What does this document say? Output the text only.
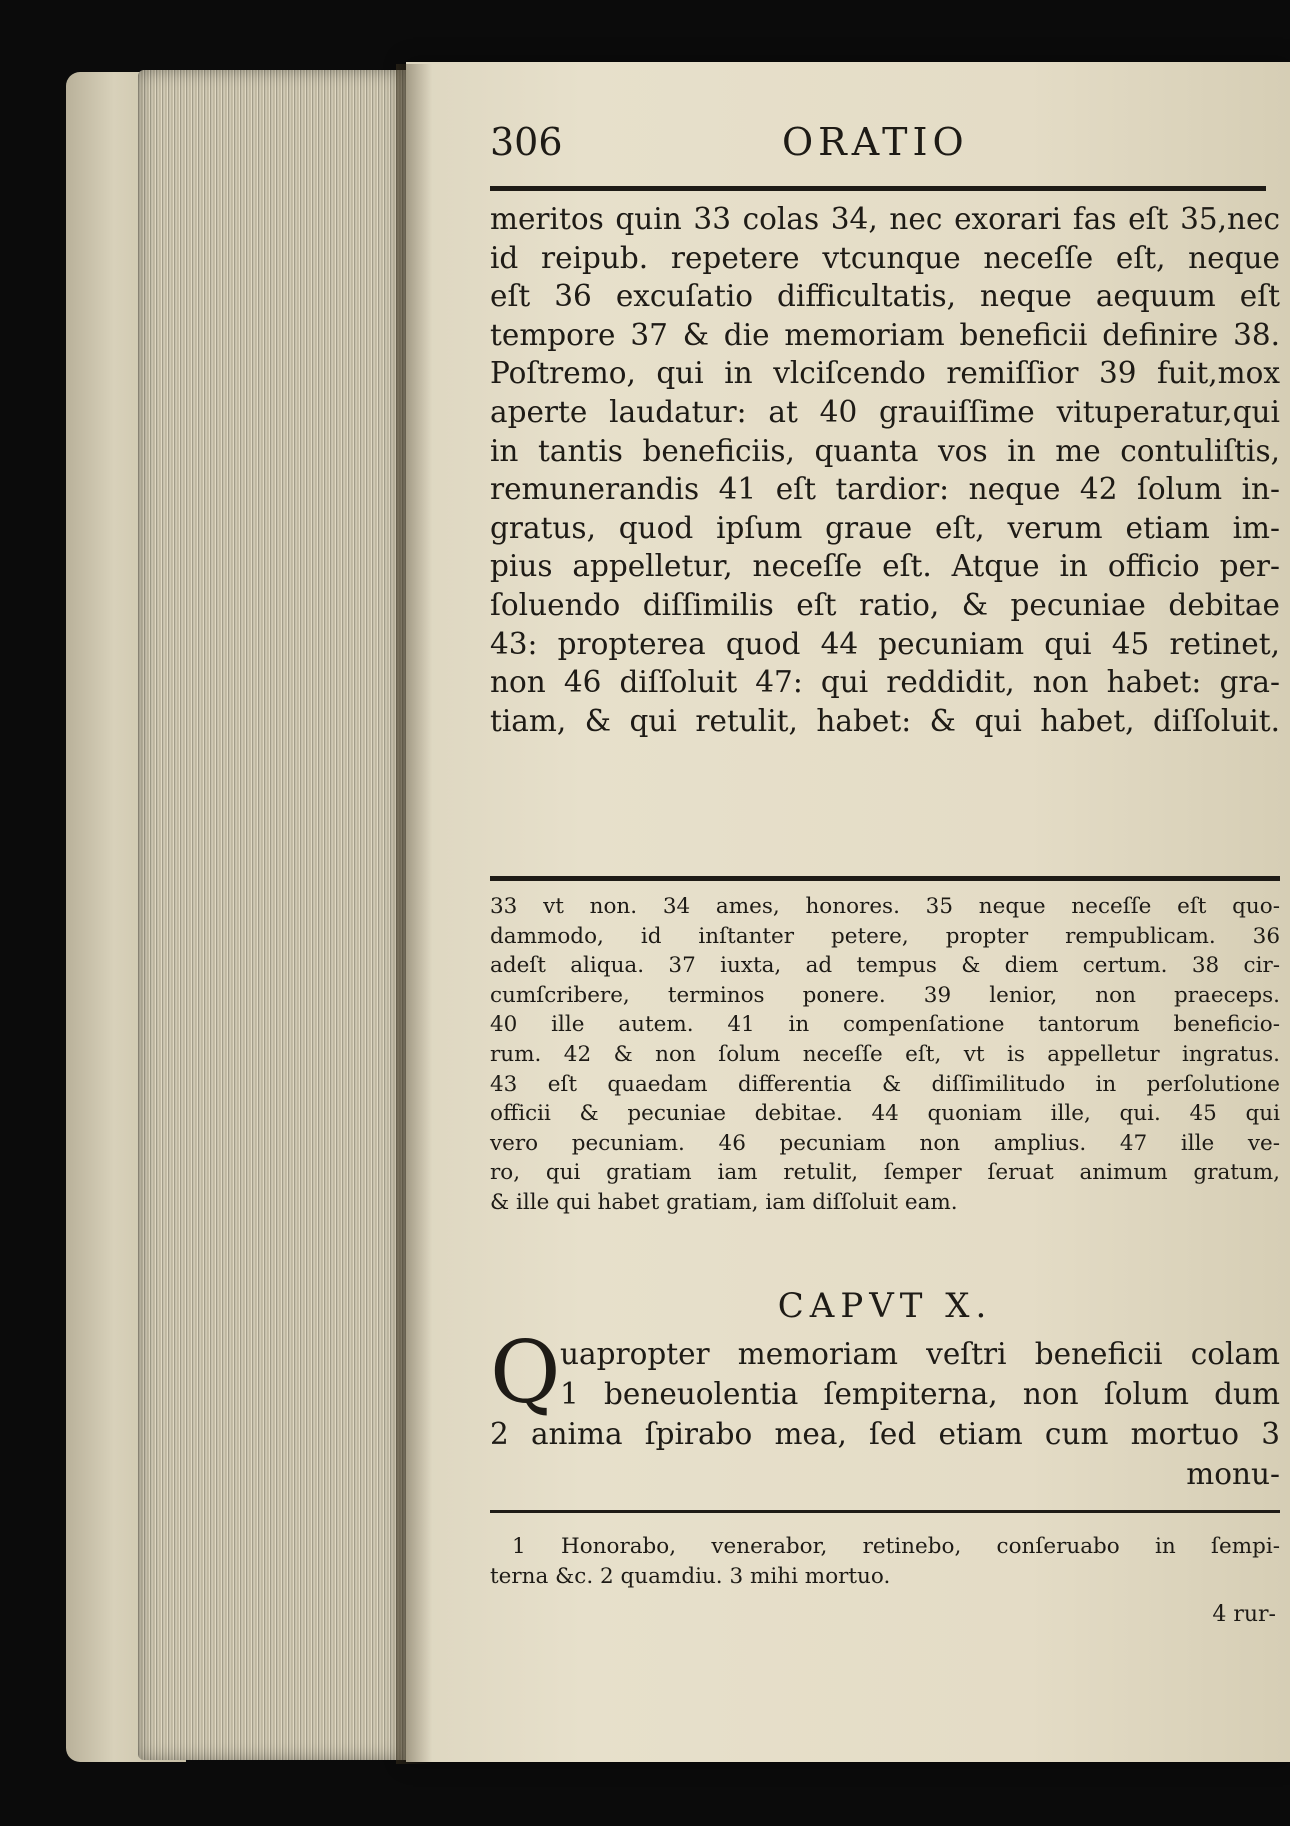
306	ORATIO
meritos quin 33 colas 34, nec exorari fas eſt 35,nec
id reipub. repetere vtcunque neceſſe eſt, neque
eſt 36 excuſatio difficultatis, neque aequum eſt
tempore 37 & die memoriam beneficii definire 38.
Poſtremo, qui in vlciſcendo remiſſior 39 fuit,mox
aperte laudatur: at 40 grauiſſime vituperatur,qui
in tantis beneficiis, quanta vos in me contuliſtis,
remunerandis 41 eſt tardior: neque 42 ſolum in-
gratus, quod ipſum graue eſt, verum etiam im-
pius appelletur, neceſſe eſt. Atque in officio per-
ſoluendo diſſimilis eſt ratio, & pecuniae debitae
43: propterea quod 44 pecuniam qui 45 retinet,
non 46 diſſoluit 47: qui reddidit, non habet: gra-
tiam, & qui retulit, habet: & qui habet, diſſoluit.
33 vt non. 34 ames, honores. 35 neque neceſſe eſt quo-
dammodo, id inſtanter petere, propter rempublicam. 36
adeſt aliqua. 37 iuxta, ad tempus & diem certum. 38 cir-
cumſcribere, terminos ponere. 39 lenior, non praeceps.
40 ille autem. 41 in compenſatione tantorum beneficio-
rum. 42 & non ſolum neceſſe eſt, vt is appelletur ingratus.
43 eſt quaedam differentia & diſſimilitudo in perſolutione
officii & pecuniae debitae. 44 quoniam ille, qui. 45 qui
vero pecuniam. 46 pecuniam non amplius. 47 ille ve-
ro, qui gratiam iam retulit, ſemper ſeruat animum gratum,
& ille qui habet gratiam, iam diſſoluit eam.
CAPVT X.
Q uapropter memoriam veſtri beneficii colam
1 beneuolentia ſempiterna, non ſolum dum
2 anima ſpirabo mea, ſed etiam cum mortuo 3
monu-
1 Honorabo, venerabor, retinebo, conſeruabo in ſempi-
terna &c. 2 quamdiu. 3 mihi mortuo.
4 rur-
